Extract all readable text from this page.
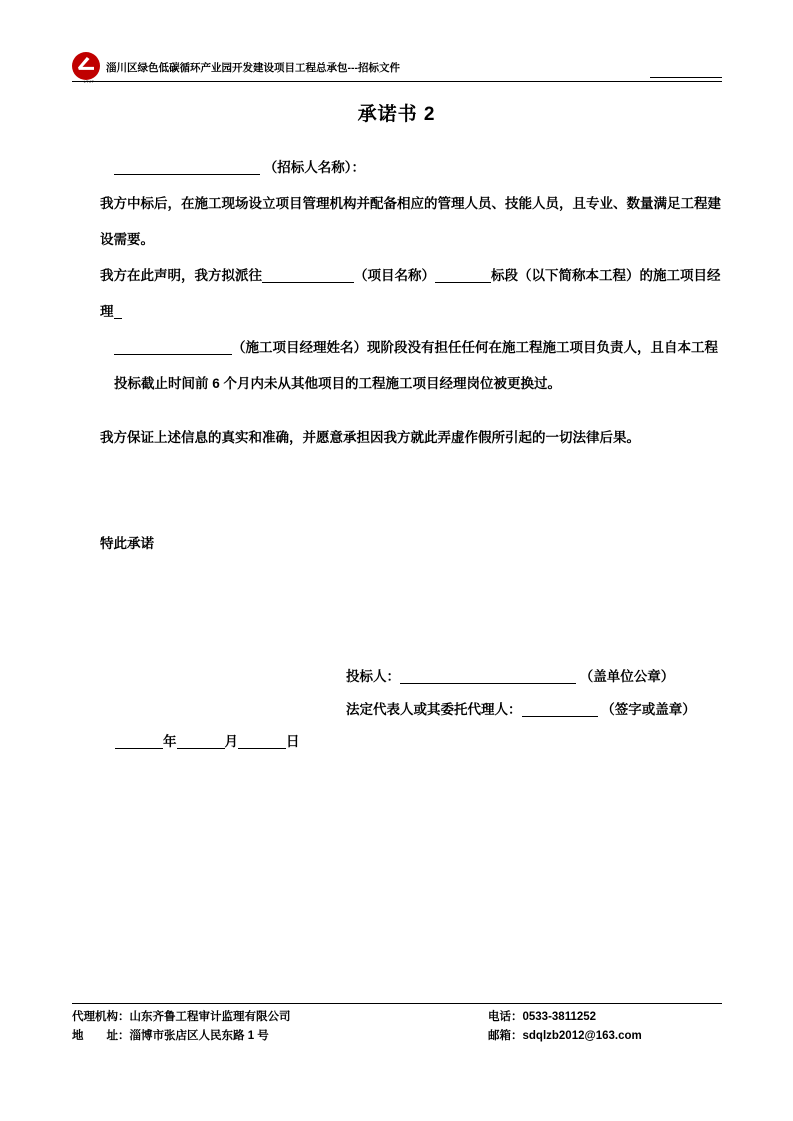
LTJT
淄川区绿色低碳循环产业园开发建设项目工程总承包---招标文件
承诺书 2

（招标人名称）：

我方中标后，在施工现场设立项目管理机构并配备相应的管理人员、技能人员，且专业、数量满足工程建设需要。

我方在此声明，我方拟派往	（项目名称）	标段（以下简称本工程）的施工项目经理

（施工项目经理姓名）现阶段没有担任任何在施工程施工项目负责人，且自本工程投标截止时间前 6 个月内未从其他项目的工程施工项目经理岗位被更换过。

我方保证上述信息的真实和准确，并愿意承担因我方就此弄虚作假所引起的一切法律后果。

特此承诺
投标人：	（盖单位公章）
法定代表人或其委托代理人：	（签字或盖章）
年	月	日
代理机构：山东齐鲁工程审计监理有限公司	电话：0533-3811252
地　　址：淄博市张店区人民东路 1 号	邮箱：sdqlzb2012@163.com
